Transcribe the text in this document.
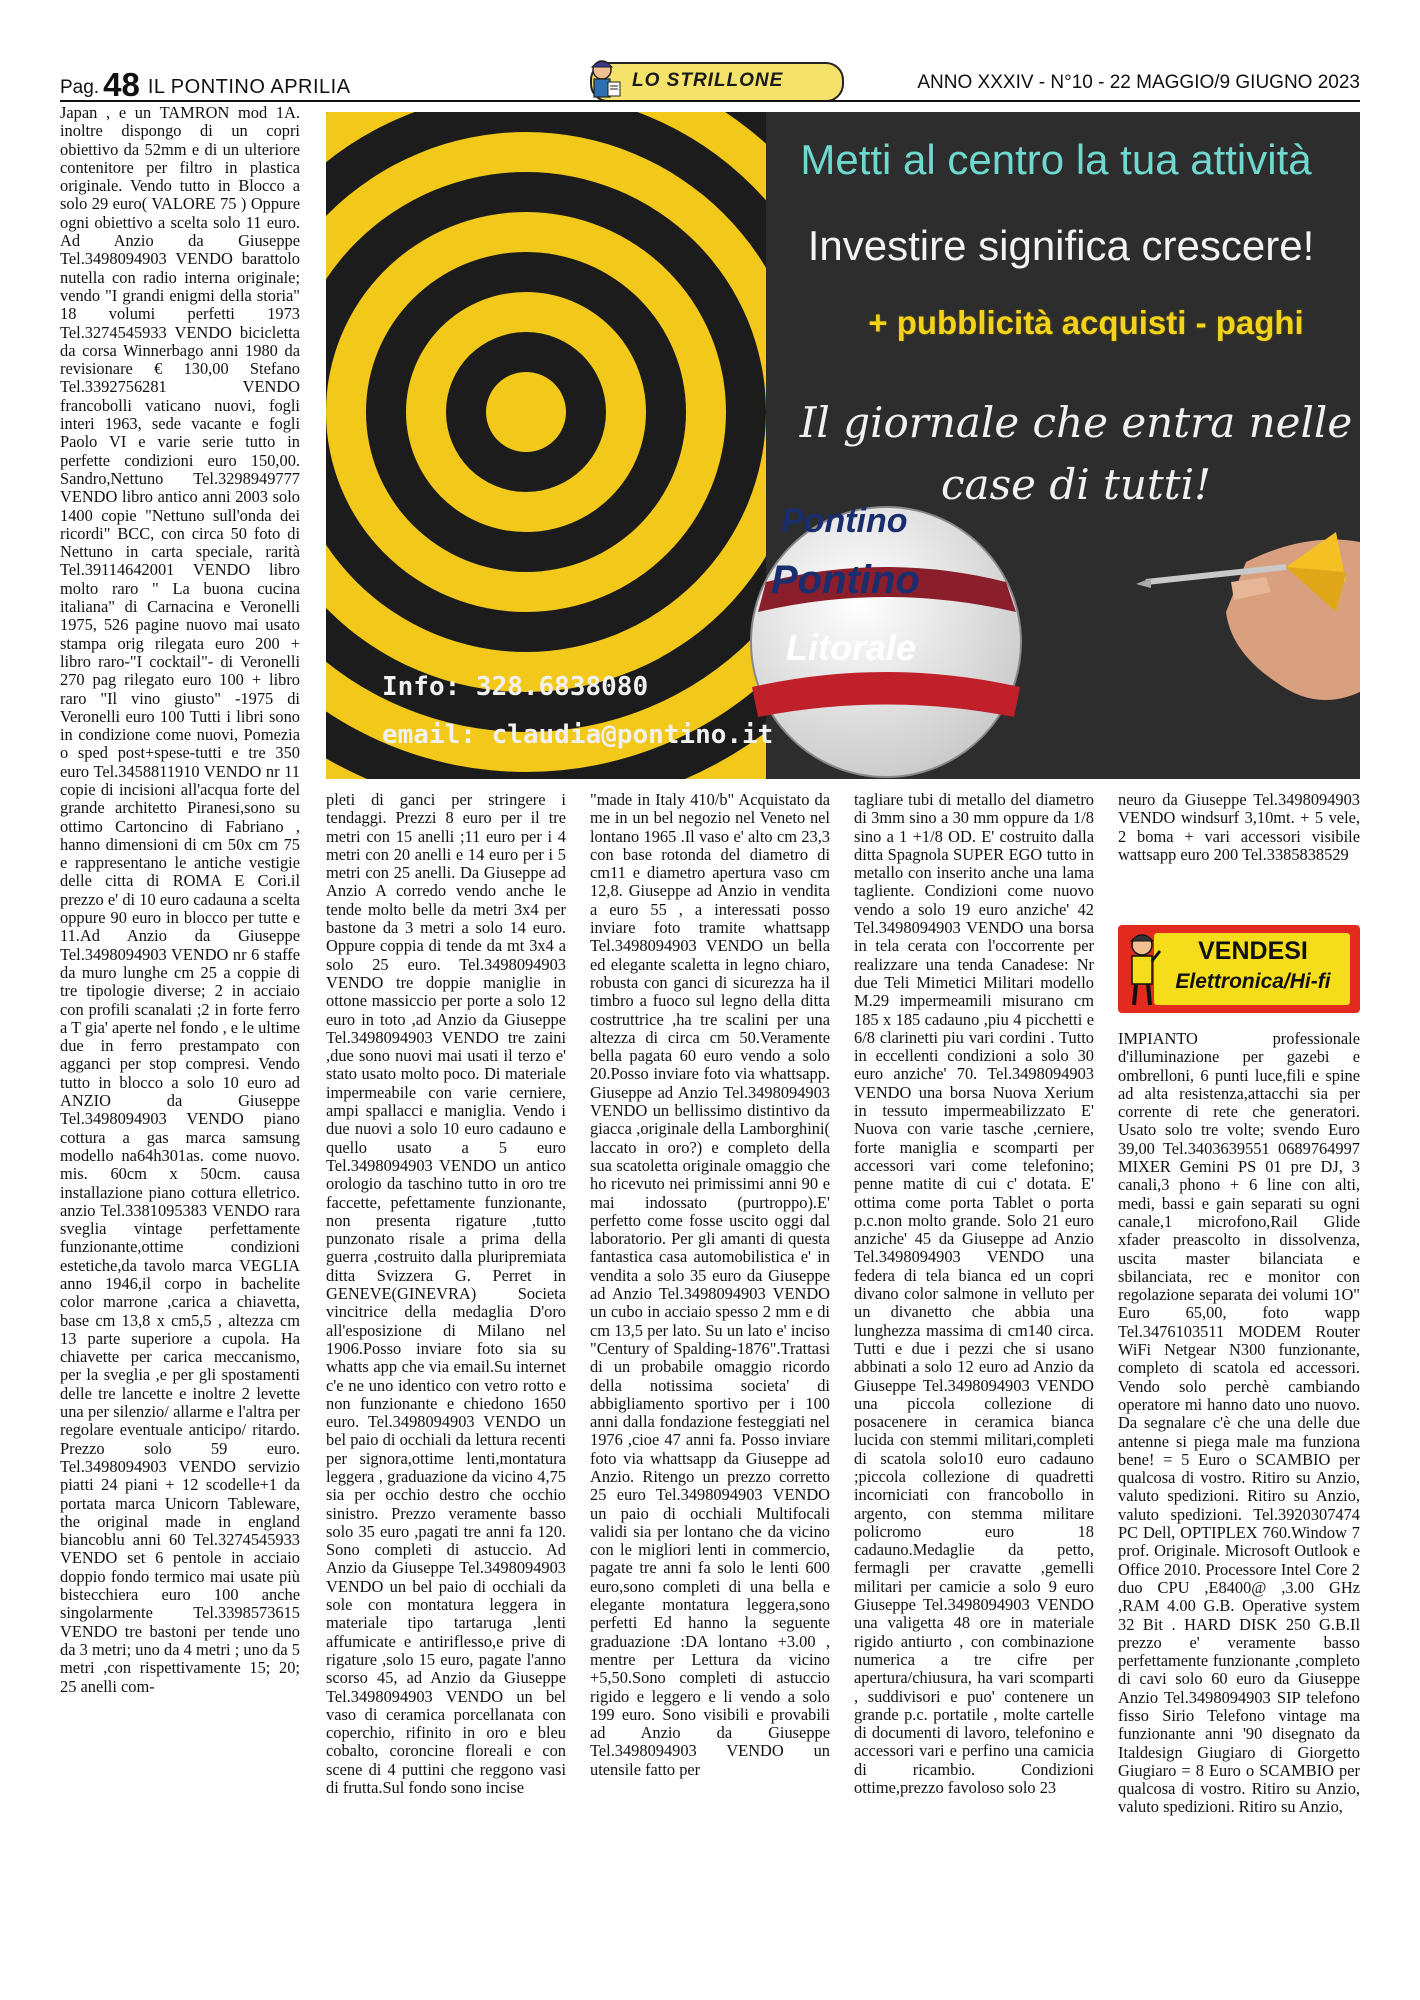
Pag. 48 IL PONTINO APRILIA	LO STRILLONE	ANNO XXXIV - N°10 - 22 MAGGIO/9 GIUGNO 2023

Japan , e un TAMRON mod 1A. inoltre dispongo di un copri obiettivo da 52mm e di un ulteriore contenitore per filtro in plastica originale. Vendo tutto in Blocco a solo 29 euro( VALORE 75 ) Oppure ogni obiettivo a scelta solo 11 euro. Ad Anzio da Giuseppe Tel.3498094903 VENDO barattolo nutella con radio interna originale; vendo "I grandi enigmi della storia" 18 volumi perfetti 1973 Tel.3274545933 VENDO bicicletta da corsa Winnerbago anni 1980 da revisionare € 130,00 Stefano Tel.3392756281 VENDO francobolli vaticano nuovi, fogli interi 1963, sede vacante e fogli Paolo VI e varie serie tutto in perfette condizioni euro 150,00. Sandro,Nettuno Tel.3298949777 VENDO libro antico anni 2003 solo 1400 copie "Nettuno sull'onda dei ricordi" BCC, con circa 50 foto di Nettuno in carta speciale, rarità Tel.39114642001 VENDO libro molto raro " La buona cucina italiana" di Carnacina e Veronelli 1975, 526 pagine nuovo mai usato stampa orig rilegata euro 200 + libro raro-"I cocktail"- di Veronelli 270 pag rilegato euro 100 + libro raro "Il vino giusto" -1975 di Veronelli euro 100 Tutti i libri sono in condizione come nuovi, Pomezia o sped post+spese-tutti e tre 350 euro Tel.3458811910 VENDO nr 11 copie di incisioni all'acqua forte del grande architetto Piranesi,sono su ottimo Cartoncino di Fabriano , hanno dimensioni di cm 50x cm 75 e rappresentano le antiche vestigie delle citta di ROMA E Cori.il prezzo e' di 10 euro cadauna a scelta oppure 90 euro in blocco per tutte e 11.Ad Anzio da Giuseppe Tel.3498094903 VENDO nr 6 staffe da muro lunghe cm 25 a coppie di tre tipologie diverse; 2 in acciaio con profili scanalati ;2 in forte ferro a T gia' aperte nel fondo , e le ultime due in ferro prestampato con agganci per stop compresi. Vendo tutto in blocco a solo 10 euro ad ANZIO da Giuseppe Tel.3498094903 VENDO piano cottura a gas marca samsung modello na64h301as. come nuovo. mis. 60cm x 50cm. causa installazione piano cottura elletrico. anzio Tel.3381095383 VENDO rara sveglia vintage perfettamente funzionante,ottime condizioni estetiche,da tavolo marca VEGLIA anno 1946,il corpo in bachelite color marrone ,carica a chiavetta, base cm 13,8 x cm5,5 , altezza cm 13 parte superiore a cupola. Ha chiavette per carica meccanismo, per la sveglia ,e per gli spostamenti delle tre lancette e inoltre 2 levette una per silenzio/ allarme e l'altra per regolare eventuale anticipo/ ritardo. Prezzo solo 59 euro. Tel.3498094903 VENDO servizio piatti 24 piani + 12 scodelle+1 da portata marca Unicorn Tableware, the original made in england biancoblu anni 60 Tel.3274545933 VENDO set 6 pentole in acciaio doppio fondo termico mai usate più bistecchiera euro 100 anche singolarmente Tel.3398573615 VENDO tre bastoni per tende uno da 3 metri; uno da 4 metri ; uno da 5 metri ,con rispettivamente 15; 20; 25 anelli com-

Metti al centro la tua attività
Investire significa crescere!
+ pubblicità acquisti - paghi
Il giornale che entra nelle case di tutti!
Pontino
Pontino
Litorale
Info: 328.6838080
email: claudia@pontino.it

pleti di ganci per stringere i tendaggi. Prezzi 8 euro per il tre metri con 15 anelli ;11 euro per i 4 metri con 20 anelli e 14 euro per i 5 metri con 25 anelli. Da Giuseppe ad Anzio A corredo vendo anche le tende molto belle da metri 3x4 per bastone da 3 metri a solo 14 euro. Oppure coppia di tende da mt 3x4 a solo 25 euro. Tel.3498094903 VENDO tre doppie maniglie in ottone massiccio per porte a solo 12 euro in toto ,ad Anzio da Giuseppe Tel.3498094903 VENDO tre zaini ,due sono nuovi mai usati il terzo e' stato usato molto poco. Di materiale impermeabile con varie cerniere, ampi spallacci e maniglia. Vendo i due nuovi a solo 10 euro cadauno e quello usato a 5 euro Tel.3498094903 VENDO un antico orologio da taschino tutto in oro tre faccette, pefettamente funzionante, non presenta rigature ,tutto punzonato risale a prima della guerra ,costruito dalla pluripremiata ditta Svizzera G. Perret in GENEVE(GINEVRA) Societa vincitrice della medaglia D'oro all'esposizione di Milano nel 1906.Posso inviare foto sia su whatts app che via email.Su internet c'e ne uno identico con vetro rotto e non funzionante e chiedono 1650 euro. Tel.3498094903 VENDO un bel paio di occhiali da lettura recenti per signora,ottime lenti,montatura leggera , graduazione da vicino 4,75 sia per occhio destro che occhio sinistro. Prezzo veramente basso solo 35 euro ,pagati tre anni fa 120. Sono completi di astuccio. Ad Anzio da Giuseppe Tel.3498094903 VENDO un bel paio di occhiali da sole con montatura leggera in materiale tipo tartaruga ,lenti affumicate e antiriflesso,e prive di rigature ,solo 15 euro, pagate l'anno scorso 45, ad Anzio da Giuseppe Tel.3498094903 VENDO un bel vaso di ceramica porcellanata con coperchio, rifinito in oro e bleu cobalto, coroncine floreali e con scene di 4 puttini che reggono vasi di frutta.Sul fondo sono incise

"made in Italy 410/b" Acquistato da me in un bel negozio nel Veneto nel lontano 1965 .Il vaso e' alto cm 23,3 con base rotonda del diametro di cm11 e diametro apertura vaso cm 12,8. Giuseppe ad Anzio in vendita a euro 55 , a interessati posso inviare foto tramite whattsapp Tel.3498094903 VENDO un bella ed elegante scaletta in legno chiaro, robusta con ganci di sicurezza ha il timbro a fuoco sul legno della ditta costruttrice ,ha tre scalini per una altezza di circa cm 50.Veramente bella pagata 60 euro vendo a solo 20.Posso inviare foto via whattsapp. Giuseppe ad Anzio Tel.3498094903 VENDO un bellissimo distintivo da giacca ,originale della Lamborghini( laccato in oro?) e completo della sua scatoletta originale omaggio che ho ricevuto nei primissimi anni 90 e mai indossato (purtroppo).E' perfetto come fosse uscito oggi dal laboratorio. Per gli amanti di questa fantastica casa automobilistica e' in vendita a solo 35 euro da Giuseppe ad Anzio Tel.3498094903 VENDO un cubo in acciaio spesso 2 mm e di cm 13,5 per lato. Su un lato e' inciso "Century of Spalding-1876".Trattasi di un probabile omaggio ricordo della notissima societa' di abbigliamento sportivo per i 100 anni dalla fondazione festeggiati nel 1976 ,cioe 47 anni fa. Posso inviare foto via whattsapp da Giuseppe ad Anzio. Ritengo un prezzo corretto 25 euro Tel.3498094903 VENDO un paio di occhiali Multifocali validi sia per lontano che da vicino con le migliori lenti in commercio, pagate tre anni fa solo le lenti 600 euro,sono completi di una bella e elegante montatura leggera,sono perfetti Ed hanno la seguente graduazione :DA lontano +3.00 , mentre per Lettura da vicino +5,50.Sono completi di astuccio rigido e leggero e li vendo a solo 199 euro. Sono visibili e provabili ad Anzio da Giuseppe Tel.3498094903 VENDO un utensile fatto per

tagliare tubi di metallo del diametro di 3mm sino a 30 mm oppure da 1/8 sino a 1 +1/8 OD. E' costruito dalla ditta Spagnola SUPER EGO tutto in metallo con inserito anche una lama tagliente. Condizioni come nuovo vendo a solo 19 euro anziche' 42 Tel.3498094903 VENDO una borsa in tela cerata con l'occorrente per realizzare una tenda Canadese: Nr due Teli Mimetici Militari modello M.29 impermeamili misurano cm 185 x 185 cadauno ,piu 4 picchetti e 6/8 clarinetti piu vari cordini . Tutto in eccellenti condizioni a solo 30 euro anziche' 70. Tel.3498094903 VENDO una borsa Nuova Xerium in tessuto impermeabilizzato E' Nuova con varie tasche ,cerniere, forte maniglia e scomparti per accessori vari come telefonino; penne matite di cui c' dotata. E' ottima come porta Tablet o porta p.c.non molto grande. Solo 21 euro anziche' 45 da Giuseppe ad Anzio Tel.3498094903 VENDO una federa di tela bianca ed un copri divano color salmone in velluto per un divanetto che abbia una lunghezza massima di cm140 circa. Tutti e due i pezzi che si usano abbinati a solo 12 euro ad Anzio da Giuseppe Tel.3498094903 VENDO una piccola collezione di posacenere in ceramica bianca lucida con stemmi militari,completi di scatola solo10 euro cadauno ;piccola collezione di quadretti incorniciati con francobollo in argento, con stemma militare policromo euro 18 cadauno.Medaglie da petto, fermagli per cravatte ,gemelli militari per camicie a solo 9 euro Giuseppe Tel.3498094903 VENDO una valigetta 48 ore in materiale rigido antiurto , con combinazione numerica a tre cifre per apertura/chiusura, ha vari scomparti , suddivisori e puo' contenere un grande p.c. portatile , molte cartelle di documenti di lavoro, telefonino e accessori vari e perfino una camicia di ricambio. Condizioni ottime,prezzo favoloso solo 23

neuro da Giuseppe Tel.3498094903 VENDO windsurf 3,10mt. + 5 vele, 2 boma + vari accessori visibile wattsapp euro 200 Tel.3385838529

VENDESI
Elettronica/Hi-fi

IMPIANTO professionale d'illuminazione per gazebi e ombrelloni, 6 punti luce,fili e spine ad alta resistenza,attacchi sia per corrente di rete che generatori. Usato solo tre volte; svendo Euro 39,00 Tel.3403639551 0689764997 MIXER Gemini PS 01 pre DJ, 3 canali,3 phono + 6 line con alti, medi, bassi e gain separati su ogni canale,1 microfono,Rail Glide xfader preascolto in dissolvenza, uscita master bilanciata e sbilanciata, rec e monitor con regolazione separata dei volumi 1O" Euro 65,00, foto wapp Tel.3476103511 MODEM Router WiFi Netgear N300 funzionante, completo di scatola ed accessori. Vendo solo perchè cambiando operatore mi hanno dato uno nuovo. Da segnalare c'è che una delle due antenne si piega male ma funziona bene! = 5 Euro o SCAMBIO per qualcosa di vostro. Ritiro su Anzio, valuto spedizioni. Ritiro su Anzio, valuto spedizioni. Tel.3920307474 PC Dell, OPTIPLEX 760.Window 7 prof. Originale. Microsoft Outlook e Office 2010. Processore Intel Core 2 duo CPU ,E8400@ ,3.00 GHz ,RAM 4.00 G.B. Operative system 32 Bit . HARD DISK 250 G.B.Il prezzo e' veramente basso perfettamente funzionante ,completo di cavi solo 60 euro da Giuseppe Anzio Tel.3498094903 SIP telefono fisso Sirio Telefono vintage ma funzionante anni '90 disegnato da Italdesign Giugiaro di Giorgetto Giugiaro = 8 Euro o SCAMBIO per qualcosa di vostro. Ritiro su Anzio, valuto spedizioni. Ritiro su Anzio,
